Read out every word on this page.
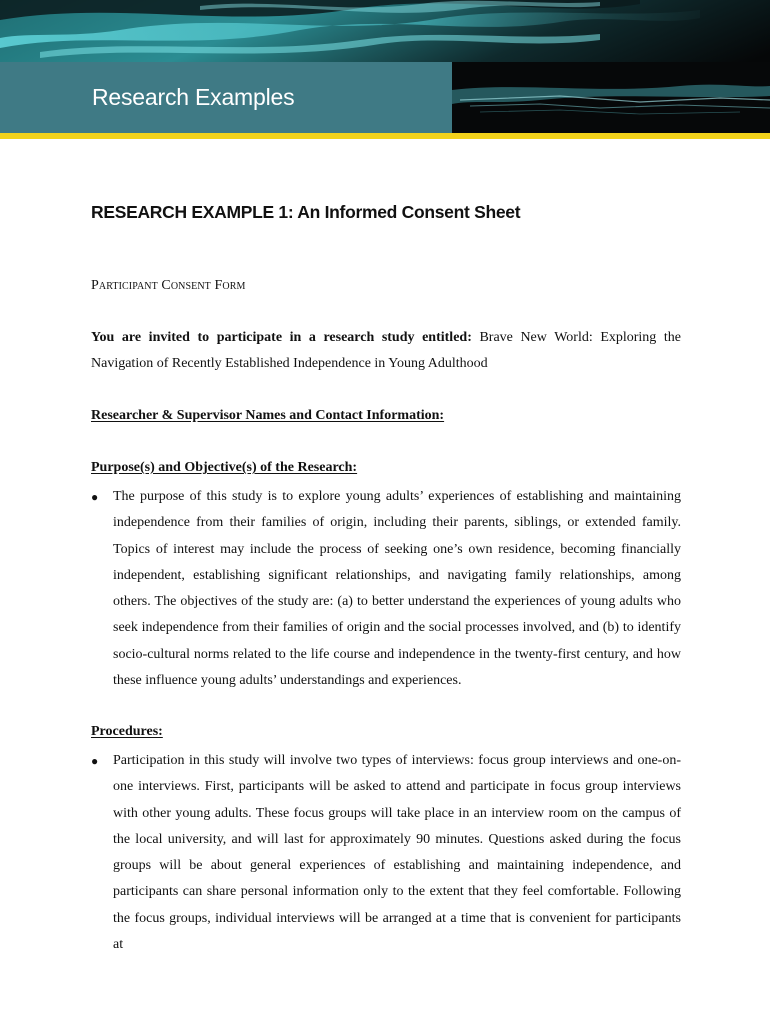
Research Examples
RESEARCH EXAMPLE 1: An Informed Consent Sheet
Participant Consent Form
You are invited to participate in a research study entitled: Brave New World: Exploring the Navigation of Recently Established Independence in Young Adulthood
Researcher & Supervisor Names and Contact Information:
Purpose(s) and Objective(s) of the Research:
●	The purpose of this study is to explore young adults’ experiences of establishing and maintaining independence from their families of origin, including their parents, siblings, or extended family. Topics of interest may include the process of seeking one’s own residence, becoming financially independent, establishing significant relationships, and navigating family relationships, among others. The objectives of the study are: (a) to better understand the experiences of young adults who seek independence from their families of origin and the social processes involved, and (b) to identify socio-cultural norms related to the life course and independence in the twenty-first century, and how these influence young adults’ understandings and experiences.
Procedures:
●	Participation in this study will involve two types of interviews: focus group interviews and one-on-one interviews. First, participants will be asked to attend and participate in focus group interviews with other young adults. These focus groups will take place in an interview room on the campus of the local university, and will last for approximately 90 minutes. Questions asked during the focus groups will be about general experiences of establishing and maintaining independence, and participants can share personal information only to the extent that they feel comfortable. Following the focus groups, individual interviews will be arranged at a time that is convenient for participants at
